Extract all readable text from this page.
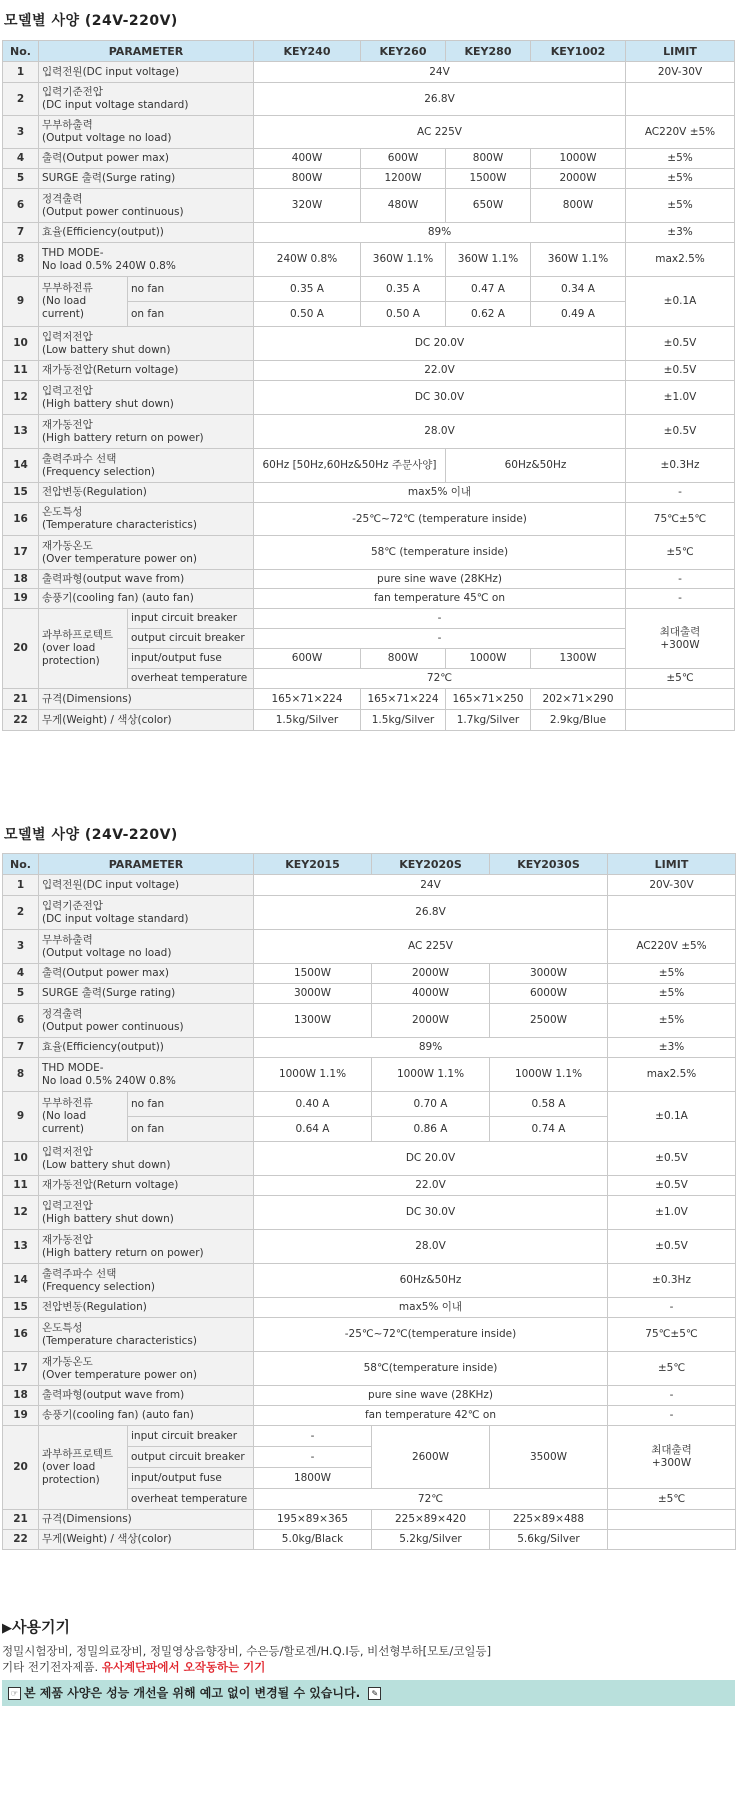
모델별 사양 (24V-220V)
No.	PARAMETER		KEY240	KEY260	KEY280	KEY1002	LIMIT
1	입력전원(DC input voltage)		24V				20V-30V
2	입력기준전압
(DC input voltage standard)		26.8V				
3	무부하출력
(Output voltage no load)		AC 225V				AC220V ±5%
4	출력(Output power max)		400W	600W	800W	1000W	±5%
5	SURGE 출력(Surge rating)		800W	1200W	1500W	2000W	±5%
6	정격출력
(Output power continuous)		320W	480W	650W	800W	±5%
7	효율(Efficiency(output))		89%				±3%
8	THD MODE-
No load 0.5% 240W 0.8%		240W 0.8%	360W 1.1%	360W 1.1%	360W 1.1%	max2.5%
9	무부하전류
(No load
current)	no fan	0.35 A	0.35 A	0.47 A	0.34 A	±0.1A
		on fan	0.50 A	0.50 A	0.62 A	0.49 A	
10	입력저전압
(Low battery shut down)		DC 20.0V				±0.5V
11	재가동전압(Return voltage)		22.0V				±0.5V
12	입력고전압
(High battery shut down)		DC 30.0V				±1.0V
13	재가동전압
(High battery return on power)		28.0V				±0.5V
14	출력주파수 선택
(Frequency selection)		60Hz [50Hz,60Hz&50Hz 주문사양]		60Hz&50Hz		±0.3Hz
15	전압변동(Regulation)		max5% 이내				-
16	온도특성
(Temperature characteristics)		-25℃~72℃ (temperature inside)				75℃±5℃
17	재가동온도
(Over temperature power on)		58℃ (temperature inside)				±5℃
18	출력파형(output wave from)		pure sine wave (28KHz)				-
19	송풍기(cooling fan) (auto fan)		fan temperature 45℃ on				-
20	과부하프로텍트
(over load
protection)	input circuit breaker	-				최대출력
+300W
		output circuit breaker	-				
		input/output fuse	600W	800W	1000W	1300W	
		overheat temperature	72℃				±5℃
21	규격(Dimensions)		165×71×224	165×71×224	165×71×250	202×71×290	
22	무게(Weight) / 색상(color)		1.5kg/Silver	1.5kg/Silver	1.7kg/Silver	2.9kg/Blue	
모델별 사양 (24V-220V)
No.	PARAMETER		KEY2015	KEY2020S	KEY2030S	LIMIT
1	입력전원(DC input voltage)		24V			20V-30V
2	입력기준전압
(DC input voltage standard)		26.8V			
3	무부하출력
(Output voltage no load)		AC 225V			AC220V ±5%
4	출력(Output power max)		1500W	2000W	3000W	±5%
5	SURGE 출력(Surge rating)		3000W	4000W	6000W	±5%
6	정격출력
(Output power continuous)		1300W	2000W	2500W	±5%
7	효율(Efficiency(output))		89%			±3%
8	THD MODE-
No load 0.5% 240W 0.8%		1000W 1.1%	1000W 1.1%	1000W 1.1%	max2.5%
9	무부하전류
(No load
current)	no fan	0.40 A	0.70 A	0.58 A	±0.1A
		on fan	0.64 A	0.86 A	0.74 A	
10	입력저전압
(Low battery shut down)		DC 20.0V			±0.5V
11	재가동전압(Return voltage)		22.0V			±0.5V
12	입력고전압
(High battery shut down)		DC 30.0V			±1.0V
13	재가동전압
(High battery return on power)		28.0V			±0.5V
14	출력주파수 선택
(Frequency selection)		60Hz&50Hz			±0.3Hz
15	전압변동(Regulation)		max5% 이내			-
16	온도특성
(Temperature characteristics)		-25℃~72℃(temperature inside)			75℃±5℃
17	재가동온도
(Over temperature power on)		58℃(temperature inside)			±5℃
18	출력파형(output wave from)		pure sine wave (28KHz)			-
19	송풍기(cooling fan) (auto fan)		fan temperature 42℃ on			-
20	과부하프로텍트
(over load
protection)	input circuit breaker	-	2600W	3500W	최대출력
+300W
		output circuit breaker	-			
		input/output fuse	1800W			
		overheat temperature	72℃			±5℃
21	규격(Dimensions)		195×89×365	225×89×420	225×89×488	
22	무게(Weight) / 색상(color)		5.0kg/Black	5.2kg/Silver	5.6kg/Silver	
▶사용기기
정밀시험장비, 정밀의료장비, 정밀영상음향장비, 수은등/할로겐/H.Q.I등, 비선형부하[모토/코일등]
기타 전기전자제품. 유사계단파에서 오작동하는 기기
☞ 본 제품 사양은 성능 개선을 위해 예고 없이 변경될 수 있습니다. ✎
